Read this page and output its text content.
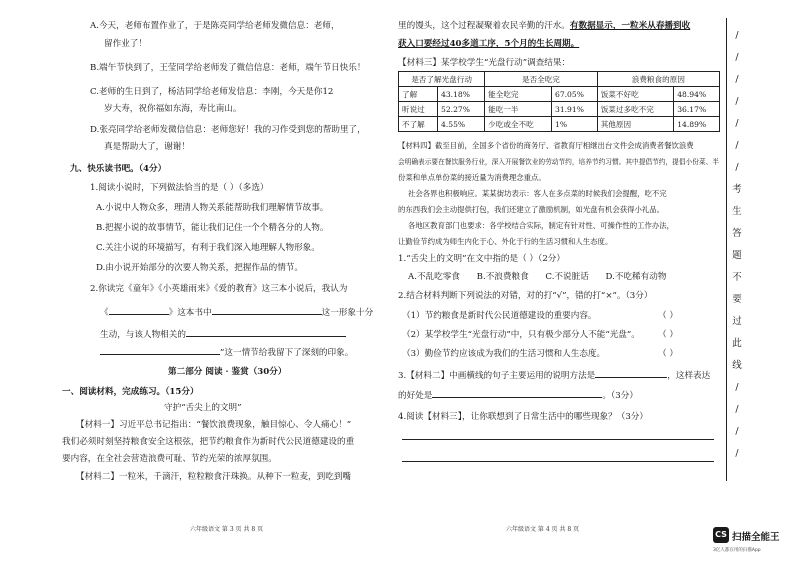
A.今天，老师布置作业了，于是陈亮同学给老师发微信息：老师，
留作业了！
B.端午节快到了，王莹同学给老师发了微信信息：老师，端午节日快乐！
C.老师的生日到了，杨洁同学给老师发信息：李刚，今天是你12
岁大寿，祝你福如东海，寿比南山。
D.张亮同学给老师发微信信息：老师您好！我的习作受到您的帮助里了，
真是帮助大了，谢谢！
九、快乐读书吧。（4分）
1.阅读小说时，下列做法恰当的是（ ）（多选）
A.小说中人物众多，理清人物关系能帮助我们理解情节故事。
B.把握小说的故事情节，能让我们记住一个个精各分的人物。
C.关注小说的环境描写，有利于我们深入地理解人物形象。
D.由小说开始部分的次要人物关系，把握作品的情节。
2.你读完《童年》《小英雄雨来》《爱的教育》这三本小说后，我认为
《	》这本书中	这一形象十分
生动，与该人物相关的
”这一情节给我留下了深刻的印象。
第二部分 阅读 · 鉴赏（30分）
一、阅读材料，完成练习。（15分）
守护“舌尖上的文明”
【材料一】习近平总书记指出：“餐饮浪费现象，触目惊心、令人痛心！”
我们必须时刻坚持粮食安全这根弦，把节约粮食作为新时代公民道德建设的重
要内容，在全社会营造浪费可耻、节约光荣的浓厚氛围。
【材料二】一粒米，千滴汗，粒粒粮食汗珠换。从种下一粒麦，到吃到嘴
六年级语文 第 3 页 共 8 页
里的馒头，这个过程凝聚着农民辛勤的汗水。有数据显示，一粒米从春播到收
获入口要经过40多道工序，5个月的生长周期。
【材料三】某学校学生“光盘行动”调查结果：
是否了解光盘行动		是否全吃完		浪费粮食的原因	
了解	43.18%	能全吃完	67.05%	饭菜不好吃	48.94%
听说过	52.27%	能吃一半	31.91%	饭菜过多吃不完	36.17%
不了解	4.55%	少吃或全不吃	1%	其他原因	14.89%
【材料四】截至目前，全国多个省份的商务厅、省教育厅相继出台文件会成消费者餐饮浪费
会明确表示要在餐饮服务行业，深入开展餐饮业的劳动节约，培养节约习惯。其中提倡节约，提倡小份菜、半
份菜和单点单份菜的接近量为消费理念重点。
社会各界也积极响应。某某街坊表示：客人在多点菜的时候我们会提醒，吃不完
的东西我们会主动提供打包，我们还建立了激励机制，如光盘有机会获得小礼品。
各地区教育部门也要求：各学校结合实际，制定有针对性、可操作性的工作办法，
让勤俭节约成为师生内化于心、外化于行的生活习惯和人生态度。
1.“舌尖上的文明”在文中指的是（ ）（2分）
A.不乱吃零食 B.不浪费粮食 C.不说脏话 D.不吃稀有动物
2.结合材料判断下列说法的对错，对的打“√”，错的打“×”。（3分）
（1）节约粮食是新时代公民道德建设的重要内容。	（ ）
（2）某学校学生“光盘行动”中，只有极少部分人不能“光盘”。 （ ）
（3）勤俭节约应该成为我们的生活习惯和人生态度。	（ ）
3.【材料二】中画横线的句子主要运用的说明方法是	，这样表达
的好处是	。（3分）
4.阅读【材料三】，让你联想到了日常生活中的哪些现象？（3分）
六年级语文 第 4 页 共 8 页
/
/
/
/
/
/
/
考
生
答
题
不
要
过
此
线
/
/
/
/
CS 扫描全能王
3亿人都在用的扫描App
